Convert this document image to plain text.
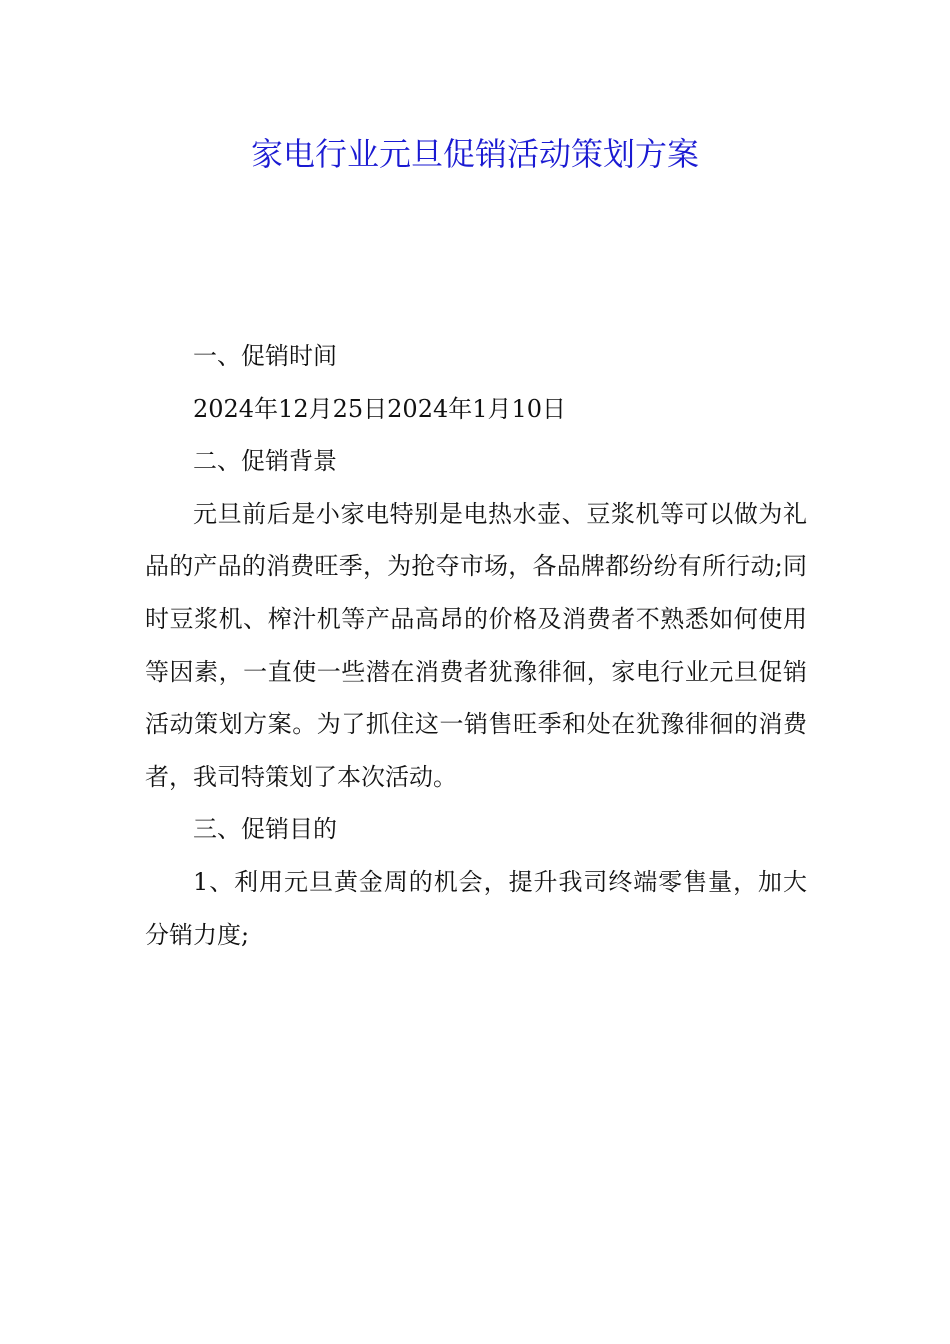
家电行业元旦促销活动策划方案

一、促销时间

2024年12月25日2024年1月10日

二、促销背景

元旦前后是小家电特别是电热水壶、豆浆机等可以做为礼品的产品的消费旺季，为抢夺市场，各品牌都纷纷有所行动;同时豆浆机、榨汁机等产品高昂的价格及消费者不熟悉如何使用等因素，一直使一些潜在消费者犹豫徘徊，家电行业元旦促销活动策划方案。为了抓住这一销售旺季和处在犹豫徘徊的消费者，我司特策划了本次活动。

三、促销目的

1、利用元旦黄金周的机会，提升我司终端零售量，加大分销力度;
